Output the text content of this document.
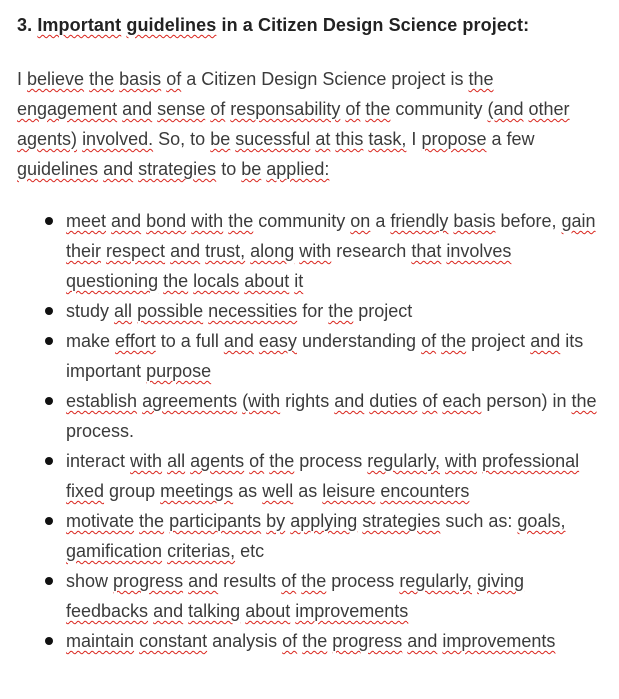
3. Important guidelines in a Citizen Design Science project:
I believe the basis of a Citizen Design Science project is the engagement and sense of responsability of the community (and other agents) involved. So, to be sucessful at this task, I propose a few guidelines and strategies to be applied:
meet and bond with the community on a friendly basis before, gain their respect and trust, along with research that involves questioning the locals about it
study all possible necessities for the project
make effort to a full and easy understanding of the project and its important purpose
establish agreements (with rights and duties of each person) in the process.
interact with all agents of the process regularly, with professional fixed group meetings as well as leisure encounters
motivate the participants by applying strategies such as: goals, gamification criterias, etc
show progress and results of the process regularly, giving feedbacks and talking about improvements
maintain constant analysis of the progress and improvements
